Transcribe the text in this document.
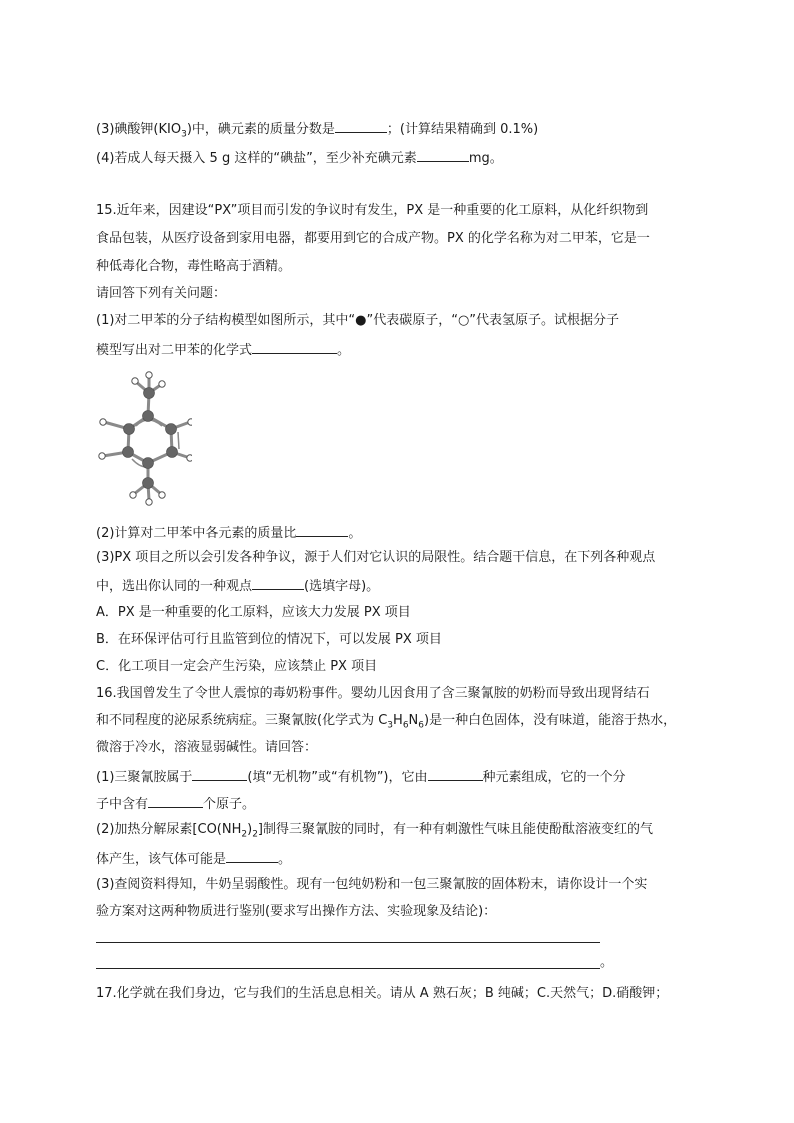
(3)碘酸钾$(KIO_3)$中，碘元素的质量分数是	；(计算结果精确到 0.1%)
(4)若成人每天摄入 5 g 这样的“碘盐”，至少补充碘元素	mg。
15.近年来，因建设“PX”项目而引发的争议时有发生，PX 是一种重要的化工原料，从化纤织物到
食品包装，从医疗设备到家用电器，都要用到它的合成产物。PX 的化学名称为对二甲苯，它是一
种低毒化合物，毒性略高于酒精。
请回答下列有关问题：
(1)对二甲苯的分子结构模型如图所示，其中“●”代表碳原子，“○”代表氢原子。试根据分子
模型写出对二甲苯的化学式	。
(2)计算对二甲苯中各元素的质量比	。
(3)PX 项目之所以会引发各种争议，源于人们对它认识的局限性。结合题干信息，在下列各种观点
中，选出你认同的一种观点	(选填字母)。
A．PX 是一种重要的化工原料，应该大力发展 PX 项目
B．在环保评估可行且监管到位的情况下，可以发展 PX 项目
C．化工项目一定会产生污染，应该禁止 PX 项目
16.我国曾发生了令世人震惊的毒奶粉事件。婴幼儿因食用了含三聚氰胺的奶粉而导致出现肾结石
和不同程度的泌尿系统病症。三聚氰胺(化学式为 $C_3H_6N_6$)是一种白色固体，没有味道，能溶于热水，
微溶于冷水，溶液显弱碱性。请回答：
(1)三聚氰胺属于	(填“无机物”或“有机物”)，它由	种元素组成，它的一个分
子中含有	个原子。
(2)加热分解尿素$[CO(NH_2)_2]$制得三聚氰胺的同时，有一种有刺激性气味且能使酚酞溶液变红的气
体产生，该气体可能是	。
(3)查阅资料得知，牛奶呈弱酸性。现有一包纯奶粉和一包三聚氰胺的固体粉末，请你设计一个实
验方案对这两种物质进行鉴别(要求写出操作方法、实验现象及结论)：
。
17.化学就在我们身边，它与我们的生活息息相关。请从 A 熟石灰；B 纯碱；C.天然气；D.硝酸钾；
